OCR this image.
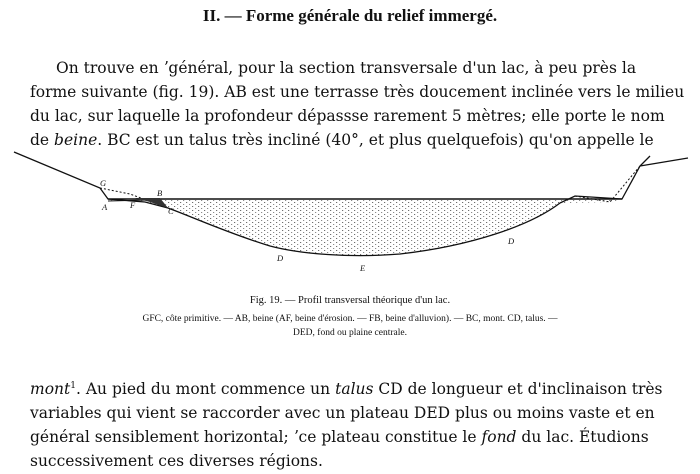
II. — Forme générale du relief immergé.
On trouve en ʼgénéral, pour la section transversale d'un lac, à peu près la
forme suivante (fig. 19). AB est une terrasse très doucement inclinée vers le milieu
du lac, sur laquelle la profondeur dépassse rarement 5 mètres; elle porte le nom
de beine. BC est un talus très incliné (40°, et plus quelquefois) qu'on appelle le
G
A	F
B
C
D
E
D
Fig. 19. — Profil transversal théorique d'un lac.
GFC, côte primitive. — AB, beine (AF, beine d'érosion. — FB, beine d'alluvion). — BC, mont. CD, talus. —
DED, fond ou plaine centrale.
mont$^1$. Au pied du mont commence un talus CD de longueur et d'inclinaison très
variables qui vient se raccorder avec un plateau DED plus ou moins vaste et en
général sensiblement horizontal; ʼce plateau constitue le fond du lac. Étudions
successivement ces diverses régions.
